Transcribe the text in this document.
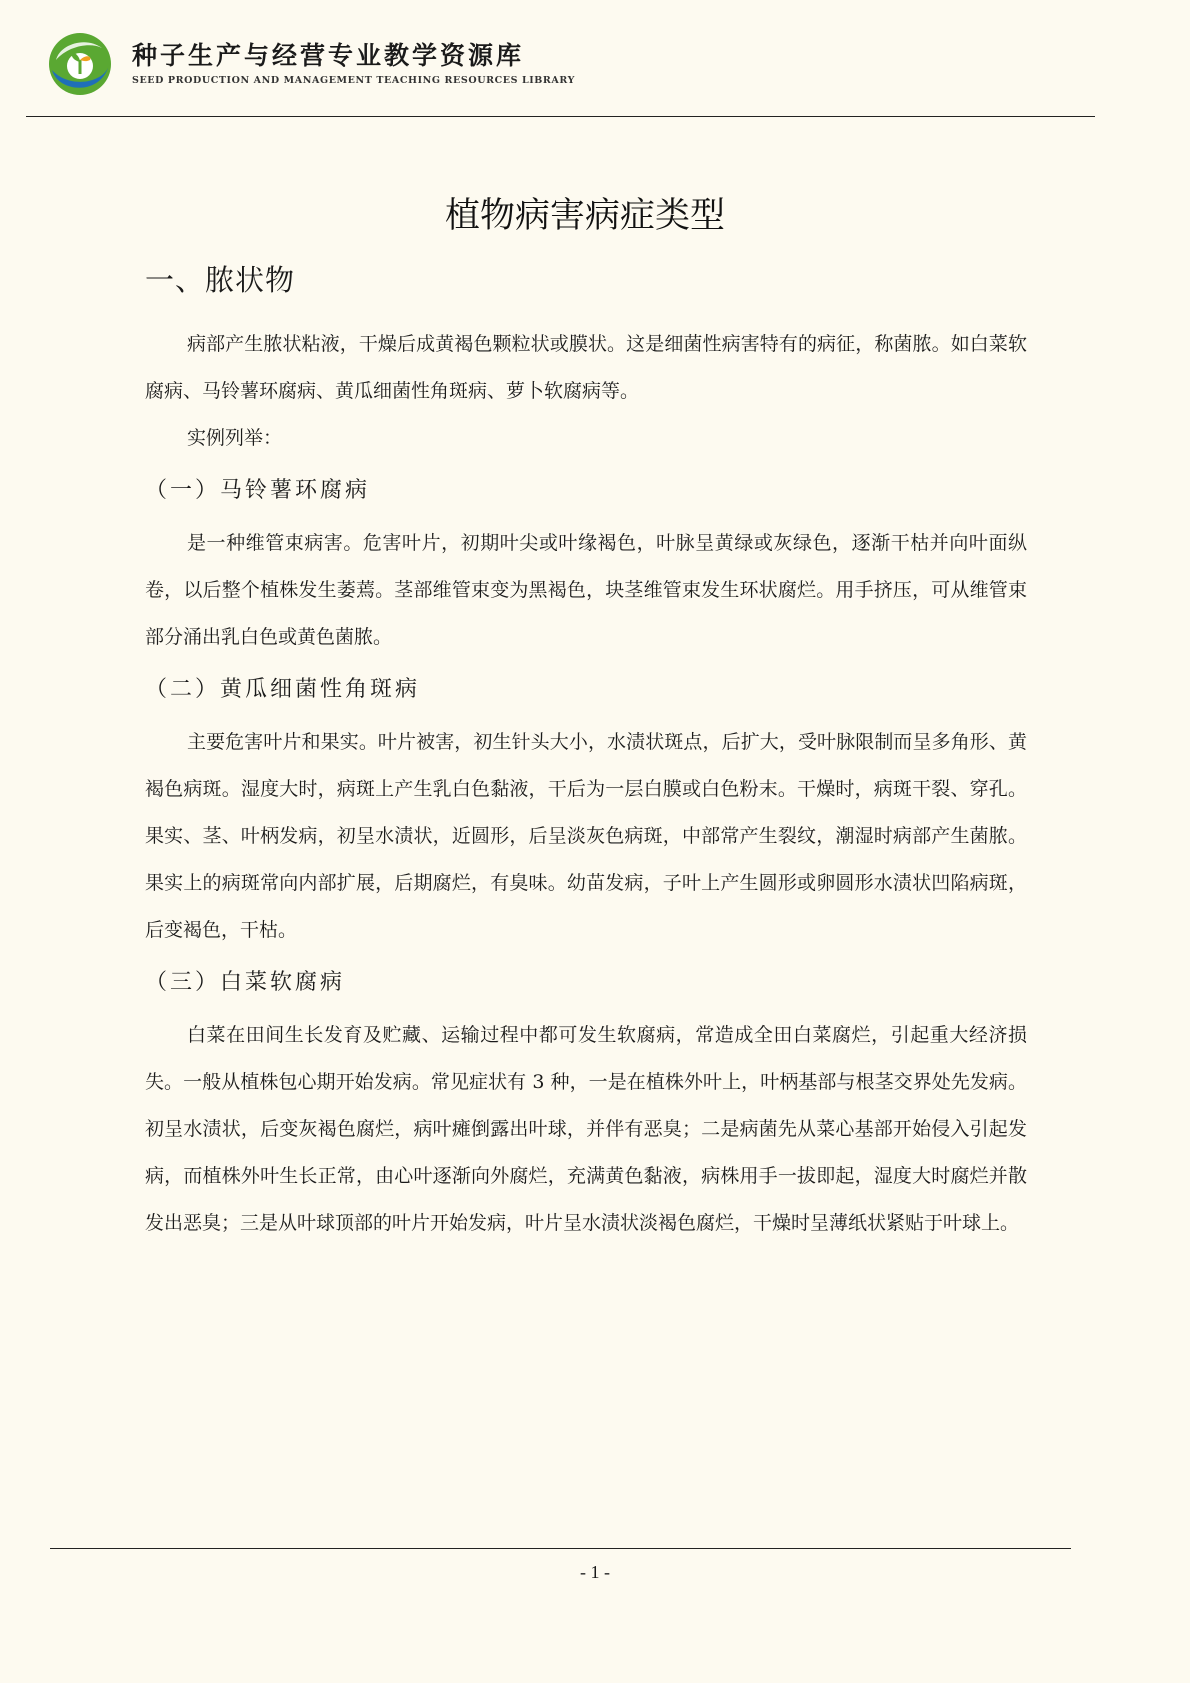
种子生产与经营专业教学资源库
SEED PRODUCTION AND MANAGEMENT TEACHING RESOURCES LIBRARY
植物病害病症类型
一、脓状物

病部产生脓状粘液，干燥后成黄褐色颗粒状或膜状。这是细菌性病害特有的病征，称菌脓。如白菜软腐病、马铃薯环腐病、黄瓜细菌性角斑病、萝卜软腐病等。

实例列举：

（一）马铃薯环腐病

是一种维管束病害。危害叶片，初期叶尖或叶缘褐色，叶脉呈黄绿或灰绿色，逐渐干枯并向叶面纵卷，以后整个植株发生萎蔫。茎部维管束变为黑褐色，块茎维管束发生环状腐烂。用手挤压，可从维管束部分涌出乳白色或黄色菌脓。

（二）黄瓜细菌性角斑病

主要危害叶片和果实。叶片被害，初生针头大小，水渍状斑点，后扩大，受叶脉限制而呈多角形、黄褐色病斑。湿度大时，病斑上产生乳白色黏液，干后为一层白膜或白色粉末。干燥时，病斑干裂、穿孔。果实、茎、叶柄发病，初呈水渍状，近圆形，后呈淡灰色病斑，中部常产生裂纹，潮湿时病部产生菌脓。果实上的病斑常向内部扩展，后期腐烂，有臭味。幼苗发病，子叶上产生圆形或卵圆形水渍状凹陷病斑，后变褐色，干枯。

（三）白菜软腐病

白菜在田间生长发育及贮藏、运输过程中都可发生软腐病，常造成全田白菜腐烂，引起重大经济损失。一般从植株包心期开始发病。常见症状有 3 种，一是在植株外叶上，叶柄基部与根茎交界处先发病。初呈水渍状，后变灰褐色腐烂，病叶瘫倒露出叶球，并伴有恶臭；二是病菌先从菜心基部开始侵入引起发病，而植株外叶生长正常，由心叶逐渐向外腐烂，充满黄色黏液，病株用手一拔即起，湿度大时腐烂并散发出恶臭；三是从叶球顶部的叶片开始发病，叶片呈水渍状淡褐色腐烂，干燥时呈薄纸状紧贴于叶球上。

- 1 -
